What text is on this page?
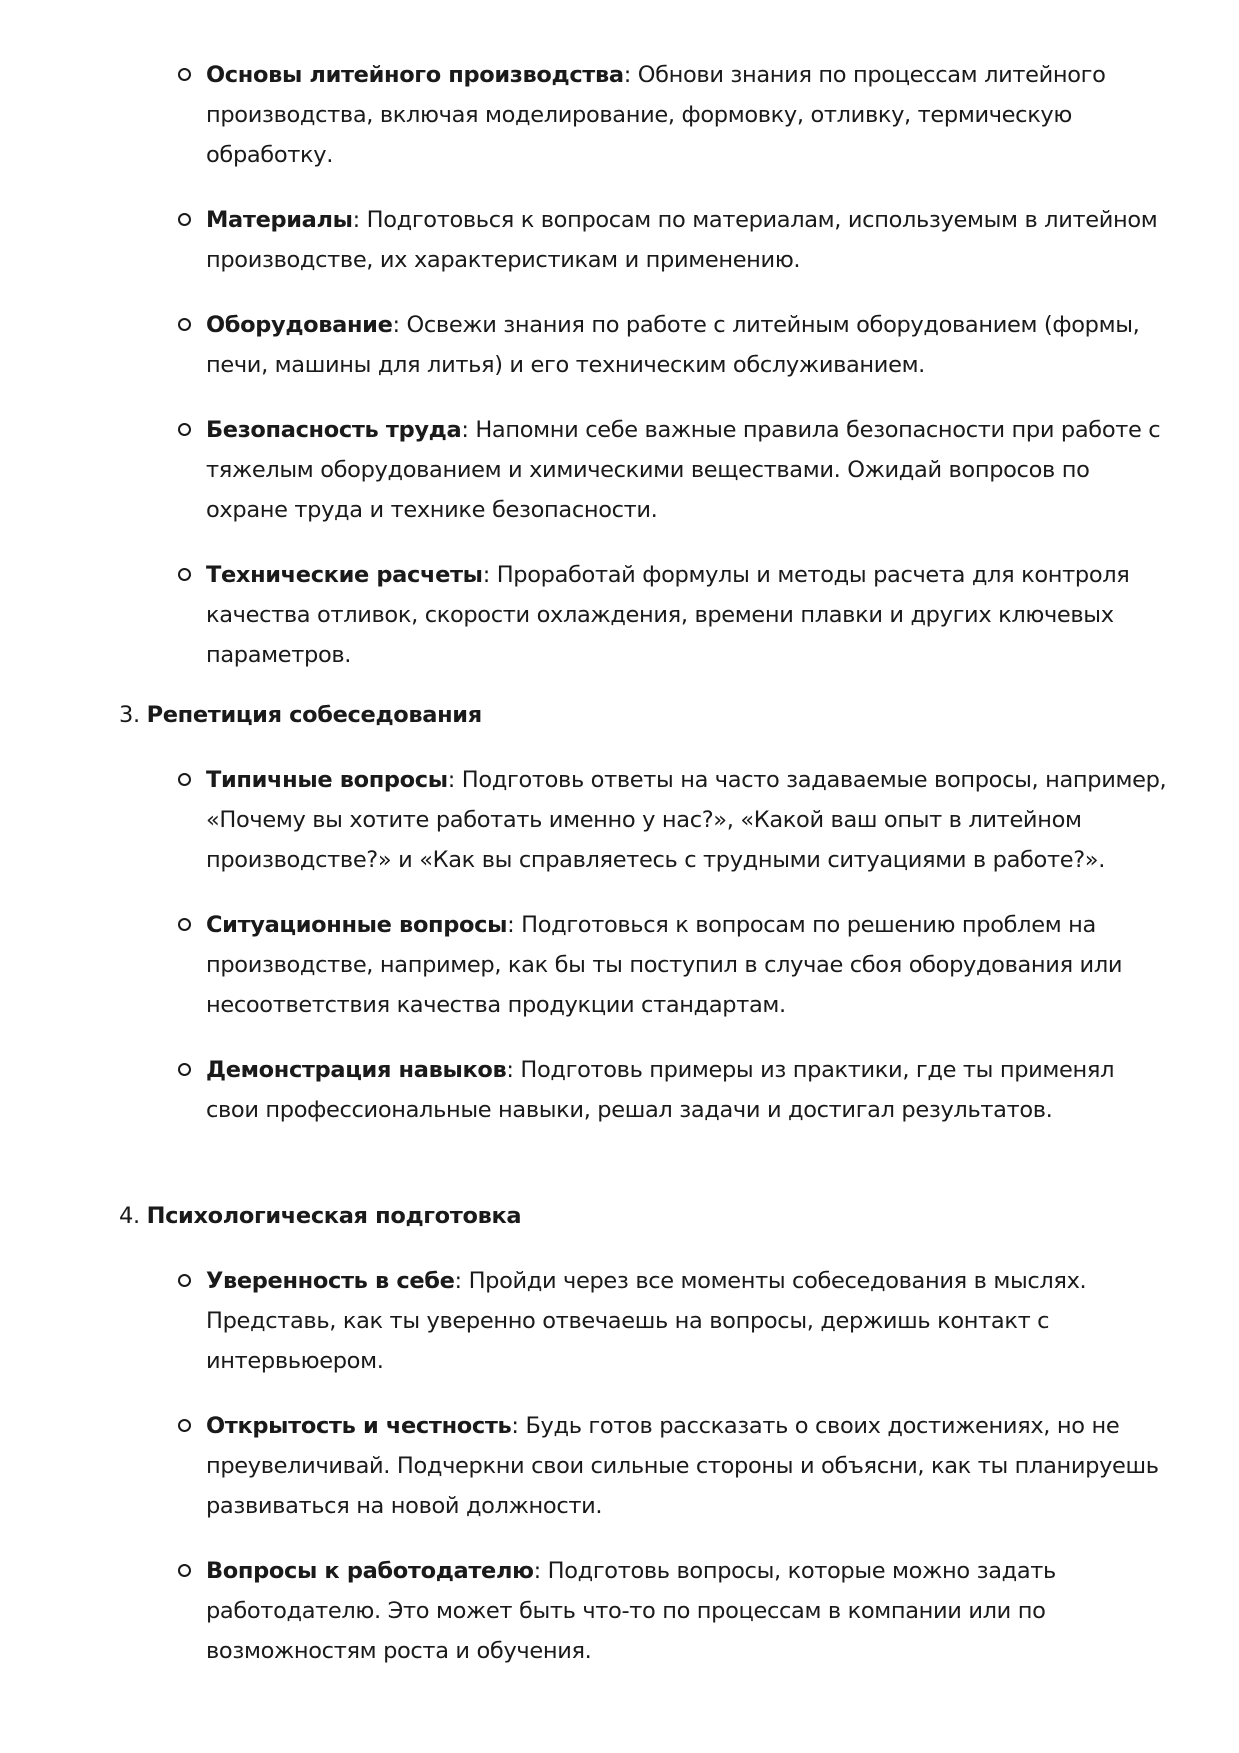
Основы литейного производства: Обнови знания по процессам литейного производства, включая моделирование, формовку, отливку, термическую обработку.
Материалы: Подготовься к вопросам по материалам, используемым в литейном производстве, их характеристикам и применению.
Оборудование: Освежи знания по работе с литейным оборудованием (формы, печи, машины для литья) и его техническим обслуживанием.
Безопасность труда: Напомни себе важные правила безопасности при работе с тяжелым оборудованием и химическими веществами. Ожидай вопросов по охране труда и технике безопасности.
Технические расчеты: Проработай формулы и методы расчета для контроля качества отливок, скорости охлаждения, времени плавки и других ключевых параметров.
3. Репетиция собеседования
Типичные вопросы: Подготовь ответы на часто задаваемые вопросы, например, «Почему вы хотите работать именно у нас?», «Какой ваш опыт в литейном производстве?» и «Как вы справляетесь с трудными ситуациями в работе?».
Ситуационные вопросы: Подготовься к вопросам по решению проблем на производстве, например, как бы ты поступил в случае сбоя оборудования или несоответствия качества продукции стандартам.
Демонстрация навыков: Подготовь примеры из практики, где ты применял свои профессиональные навыки, решал задачи и достигал результатов.
4. Психологическая подготовка
Уверенность в себе: Пройди через все моменты собеседования в мыслях. Представь, как ты уверенно отвечаешь на вопросы, держишь контакт с интервьюером.
Открытость и честность: Будь готов рассказать о своих достижениях, но не преувеличивай. Подчеркни свои сильные стороны и объясни, как ты планируешь развиваться на новой должности.
Вопросы к работодателю: Подготовь вопросы, которые можно задать работодателю. Это может быть что-то по процессам в компании или по возможностям роста и обучения.
